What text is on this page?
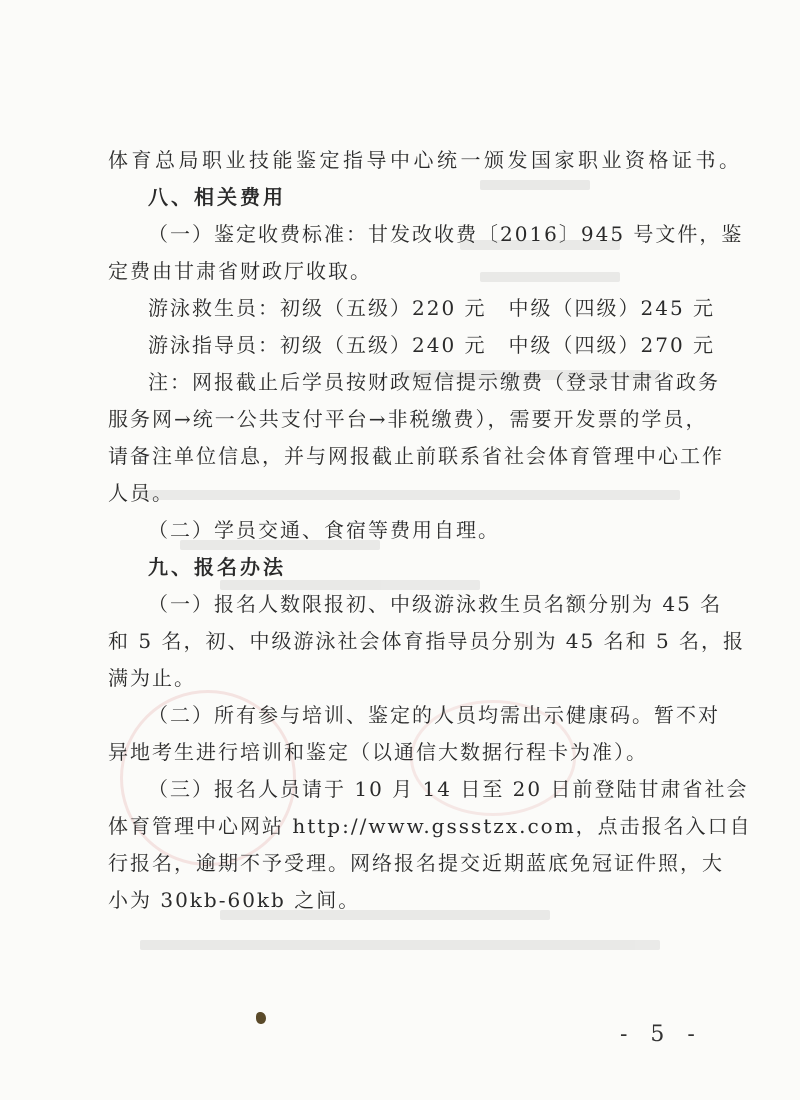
体育总局职业技能鉴定指导中心统一颁发国家职业资格证书。
八、相关费用
（一）鉴定收费标准：甘发改收费〔2016〕945 号文件，鉴
定费由甘肃省财政厅收取。
游泳救生员：初级（五级）220 元　中级（四级）245 元
游泳指导员：初级（五级）240 元　中级（四级）270 元
注：网报截止后学员按财政短信提示缴费（登录甘肃省政务
服务网→统一公共支付平台→非税缴费），需要开发票的学员，
请备注单位信息，并与网报截止前联系省社会体育管理中心工作
人员。
（二）学员交通、食宿等费用自理。
九、报名办法
（一）报名人数限报初、中级游泳救生员名额分别为 45 名
和 5 名，初、中级游泳社会体育指导员分别为 45 名和 5 名，报
满为止。
（二）所有参与培训、鉴定的人员均需出示健康码。暂不对
异地考生进行培训和鉴定（以通信大数据行程卡为准）。
（三）报名人员请于 10 月 14 日至 20 日前登陆甘肃省社会
体育管理中心网站 http://www.gssstzx.com，点击报名入口自
行报名，逾期不予受理。网络报名提交近期蓝底免冠证件照，大
小为 30kb-60kb 之间。
- 5 -
